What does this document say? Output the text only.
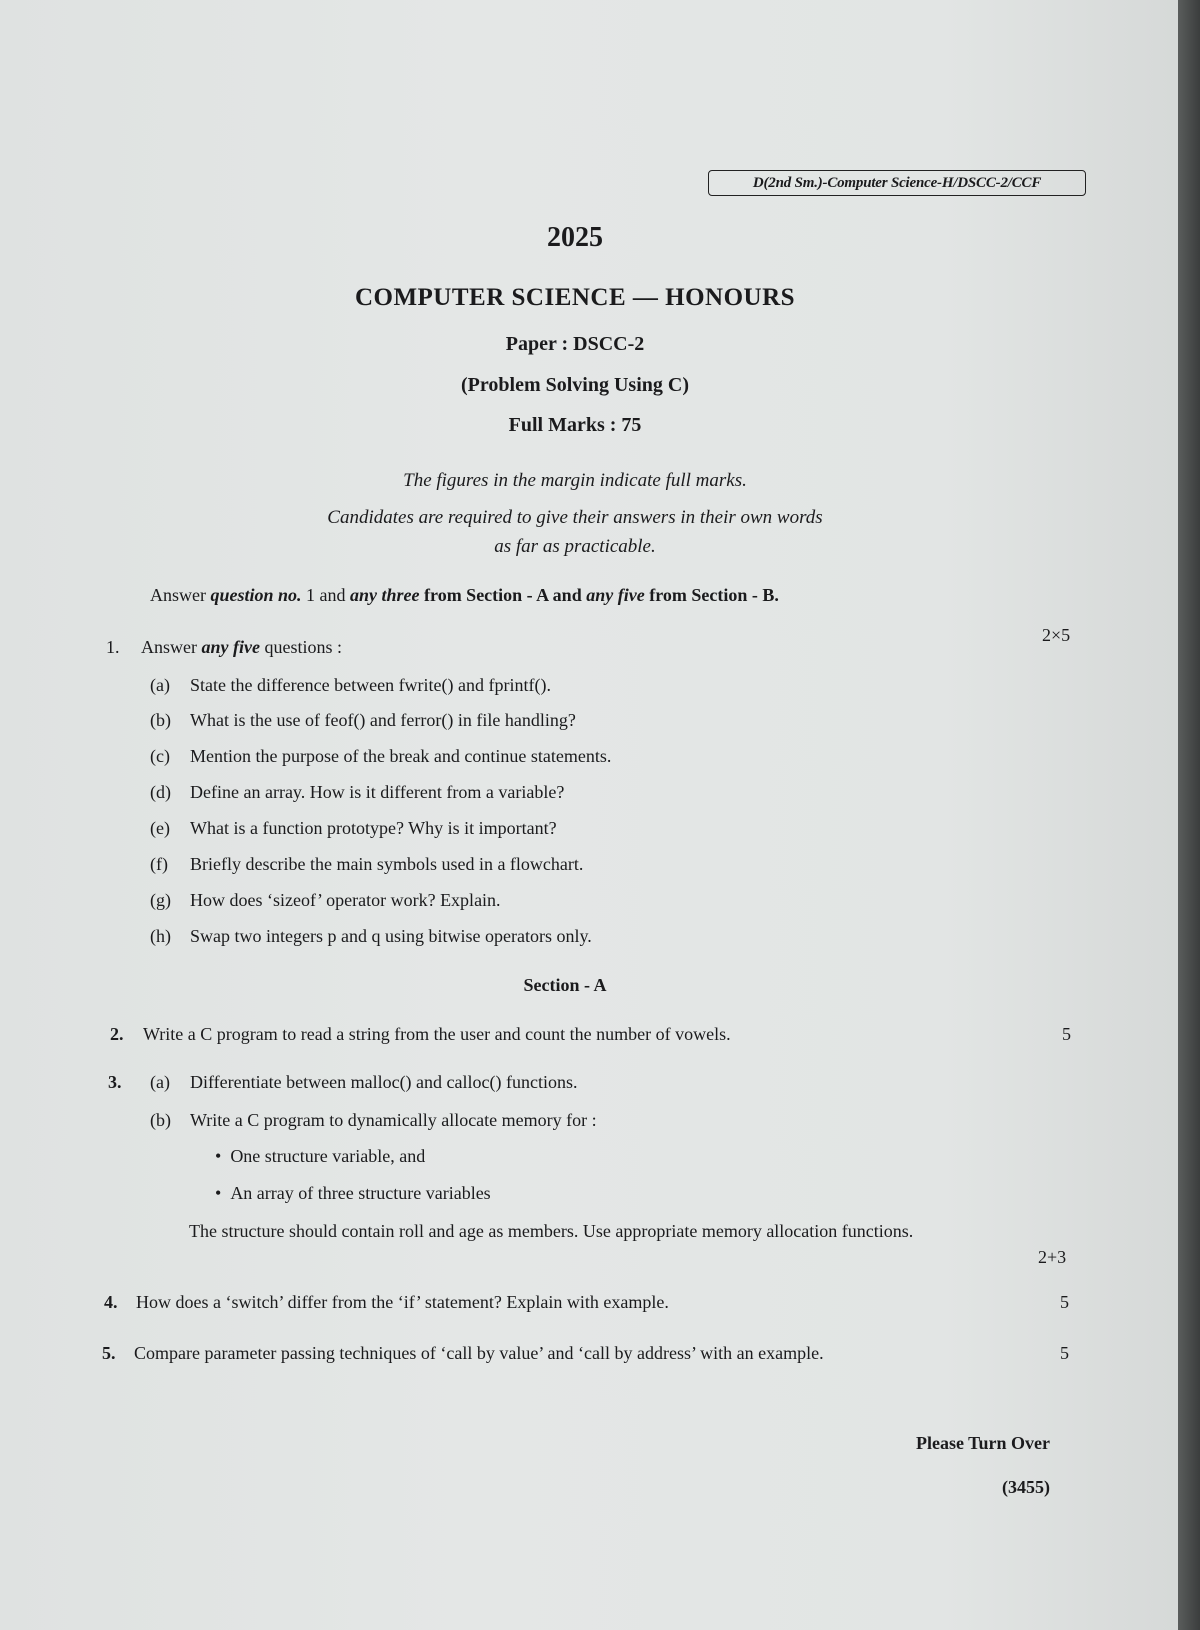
D(2nd Sm.)-Computer Science-H/DSCC-2/CCF
2025
COMPUTER SCIENCE — HONOURS
Paper : DSCC-2
(Problem Solving Using C)
Full Marks : 75
The figures in the margin indicate full marks.
Candidates are required to give their answers in their own words
as far as practicable.
Answer question no. 1 and any three from Section - A and any five from Section - B.
1. Answer any five questions :
2×5
(a) State the difference between fwrite() and fprintf().
(b) What is the use of feof() and ferror() in file handling?
(c) Mention the purpose of the break and continue statements.
(d) Define an array. How is it different from a variable?
(e) What is a function prototype? Why is it important?
(f) Briefly describe the main symbols used in a flowchart.
(g) How does ‘sizeof’ operator work? Explain.
(h) Swap two integers p and q using bitwise operators only.
Section - A
2. Write a C program to read a string from the user and count the number of vowels.	5
3. (a) Differentiate between malloc() and calloc() functions.
(b) Write a C program to dynamically allocate memory for :
•  One structure variable, and
•  An array of three structure variables
The structure should contain roll and age as members. Use appropriate memory allocation functions.
2+3
4. How does a ‘switch’ differ from the ‘if’ statement? Explain with example.	5
5. Compare parameter passing techniques of ‘call by value’ and ‘call by address’ with an example.	5
Please Turn Over
(3455)
